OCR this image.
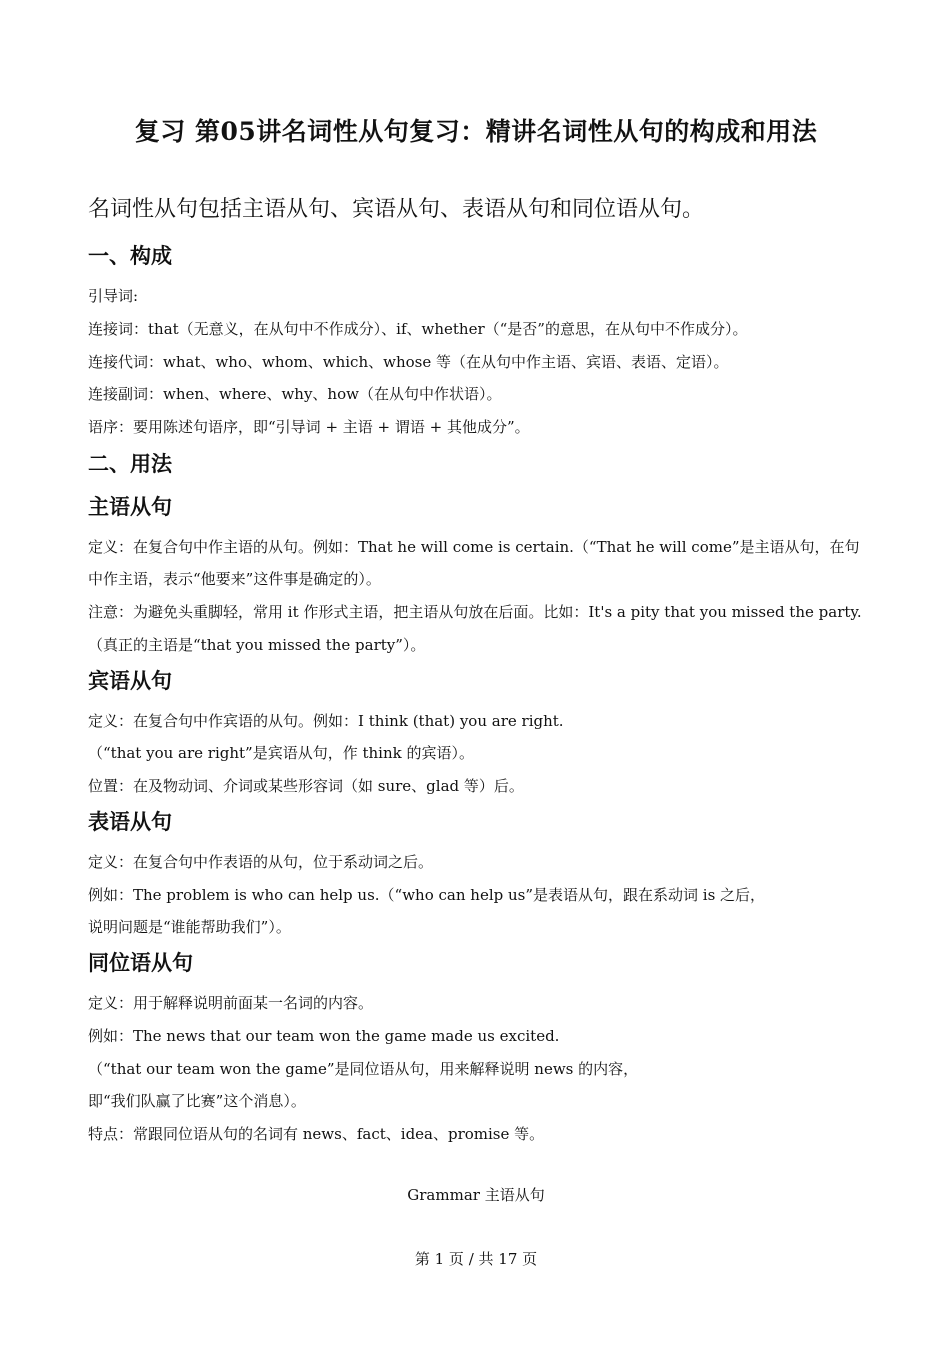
复习 第05讲名词性从句复习：精讲名词性从句的构成和用法

名词性从句包括主语从句、宾语从句、表语从句和同位语从句。

一、构成

引导词:

连接词：that（无意义，在从句中不作成分）、if、whether（“是否”的意思，在从句中不作成分）。

连接代词：what、who、whom、which、whose 等（在从句中作主语、宾语、表语、定语）。

连接副词：when、where、why、how（在从句中作状语）。

语序：要用陈述句语序，即“引导词 + 主语 + 谓语 + 其他成分”。

二、用法
主语从句

定义：在复合句中作主语的从句。例如：That he will come is certain.（“That he will come”是主语从句，在句

中作主语，表示“他要来”这件事是确定的）。

注意：为避免头重脚轻，常用 it 作形式主语，把主语从句放在后面。比如：It's a pity that you missed the party.

（真正的主语是“that you missed the party”）。

宾语从句

定义：在复合句中作宾语的从句。例如：I think (that) you are right.

（“that you are right”是宾语从句，作 think 的宾语）。

位置：在及物动词、介词或某些形容词（如 sure、glad 等）后。

表语从句

定义：在复合句中作表语的从句，位于系动词之后。

例如：The problem is who can help us.（“who can help us”是表语从句，跟在系动词 is 之后，

说明问题是“谁能帮助我们”）。

同位语从句

定义：用于解释说明前面某一名词的内容。

例如：The news that our team won the game made us excited.

（“that our team won the game”是同位语从句，用来解释说明 news 的内容，

即“我们队赢了比赛”这个消息）。

特点：常跟同位语从句的名词有 news、fact、idea、promise 等。

Grammar 主语从句

第 1 页 / 共 17 页
